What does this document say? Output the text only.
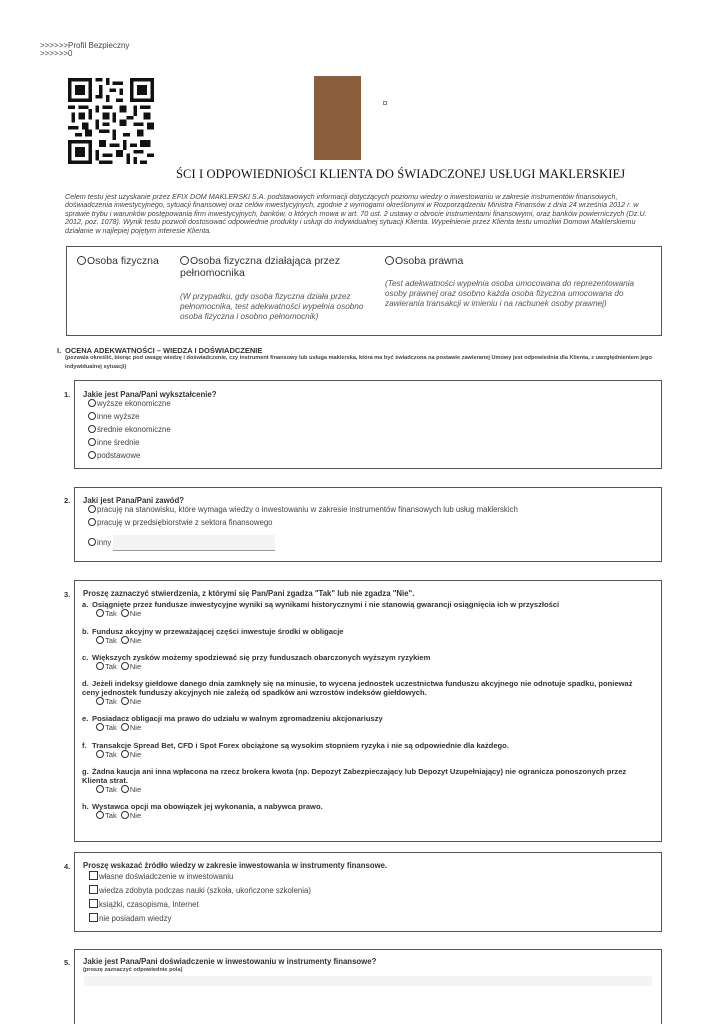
>>>>>>Profil Bezpieczny
>>>>>>0
ŚCI I ODPOWIEDNIOŚCI KLIENTA DO ŚWIADCZONEJ USŁUGI MAKLERSKIEJ
Celem testu jest uzyskanie przez EFIX DOM MAKLERSKI S.A. podstawowych informacji dotyczących poziomu wiedzy o inwestowaniu w zakresie instrumentów finansowych, doświadczenia inwestycyjnego, sytuacji finansowej oraz celów inwestycyjnych, zgodnie z wymogami określonymi w Rozporządzeniu Ministra Finansów z dnia 24 września 2012 r. w sprawie trybu i warunków postępowania firm inwestycyjnych, banków, o których mowa w art. 70 ust. 2 ustawy o obrocie instrumentami finansowymi, oraz banków powierniczych (Dz.U. 2012, poz. 1078). Wynik testu pozwoli dostosować odpowiednie produkty i usługi do indywidualnej sytuacji Klienta. Wypełnienie przez Klienta testu umożliwi Domowi Maklerskiemu działanie w najlepiej pojętym interesie Klienta.
Osoba fizyczna	Osoba fizyczna działająca przez pełnomocnika
(W przypadku, gdy osoba fizyczna działa przez pełnomocnika, test adekwatności wypełnia osobno osoba fizyczna i osobno pełnomocnik)
Osoba prawna
(Test adekwatności wypełnia osoba umocowana do reprezentowania osoby prawnej oraz osobno każda osoba fizyczna umocowana do zawierania transakcji w imieniu i na rachunek osoby prawnej)
I. OCENA ADEKWATNOŚCI – WIEDZA I DOŚWIADCZENIE
(pozwala określić, biorąc pod uwagę wiedzę i doświadczenie, czy instrument finansowy lub usługa maklerska, która ma być świadczona na postawie zawieranej Umowy jest odpowiednia dla Klienta, z uwzględnieniem jego indywidualnej sytuacji)
1. Jakie jest Pana/Pani wykształcenie?
wyższe ekonomiczne
inne wyższe
średnie ekonomiczne
inne średnie
podstawowe
2. Jaki jest Pana/Pani zawód?
pracuję na stanowisku, które wymaga wiedzy o inwestowaniu w zakresie instrumentów finansowych lub usług maklerskich
pracuję w przedsiębiorstwie z sektora finansowego
inny
3. Proszę zaznaczyć stwierdzenia, z którymi się Pan/Pani zgadza "Tak" lub nie zgadza "Nie".
a. Osiągnięte przez fundusze inwestycyjne wyniki są wynikami historycznymi i nie stanowią gwarancji osiągnięcia ich w przyszłości
Tak Nie
b. Fundusz akcyjny w przeważającej części inwestuje środki w obligacje
Tak Nie
c. Większych zysków możemy spodziewać się przy funduszach obarczonych wyższym ryzykiem
Tak Nie
d. Jeżeli indeksy giełdowe danego dnia zamknęły się na minusie, to wycena jednostek uczestnictwa funduszu akcyjnego nie odnotuje spadku, ponieważ ceny jednostek funduszy akcyjnych nie zależą od spadków ani wzrostów indeksów giełdowych.
Tak Nie
e. Posiadacz obligacji ma prawo do udziału w walnym zgromadzeniu akcjonariuszy
Tak Nie
f. Transakcje Spread Bet, CFD i Spot Forex obciążone są wysokim stopniem ryzyka i nie są odpowiednie dla każdego.
Tak Nie
g. Żadna kaucja ani inna wpłacona na rzecz brokera kwota (np. Depozyt Zabezpieczający lub Depozyt Uzupełniający) nie ogranicza ponoszonych przez Klienta strat.
Tak Nie
h. Wystawca opcji ma obowiązek jej wykonania, a nabywca prawo.
Tak Nie
4. Proszę wskazać źródło wiedzy w zakresie inwestowania w instrumenty finansowe.
własne doświadczenie w inwestowaniu
wiedza zdobyta podczas nauki (szkoła, ukończone szkolenia)
książki, czasopisma, Internet
nie posiadam wiedzy
5. Jakie jest Pana/Pani doświadczenie w inwestowaniu w instrumenty finansowe?
(proszę zaznaczyć odpowiednie pola)
